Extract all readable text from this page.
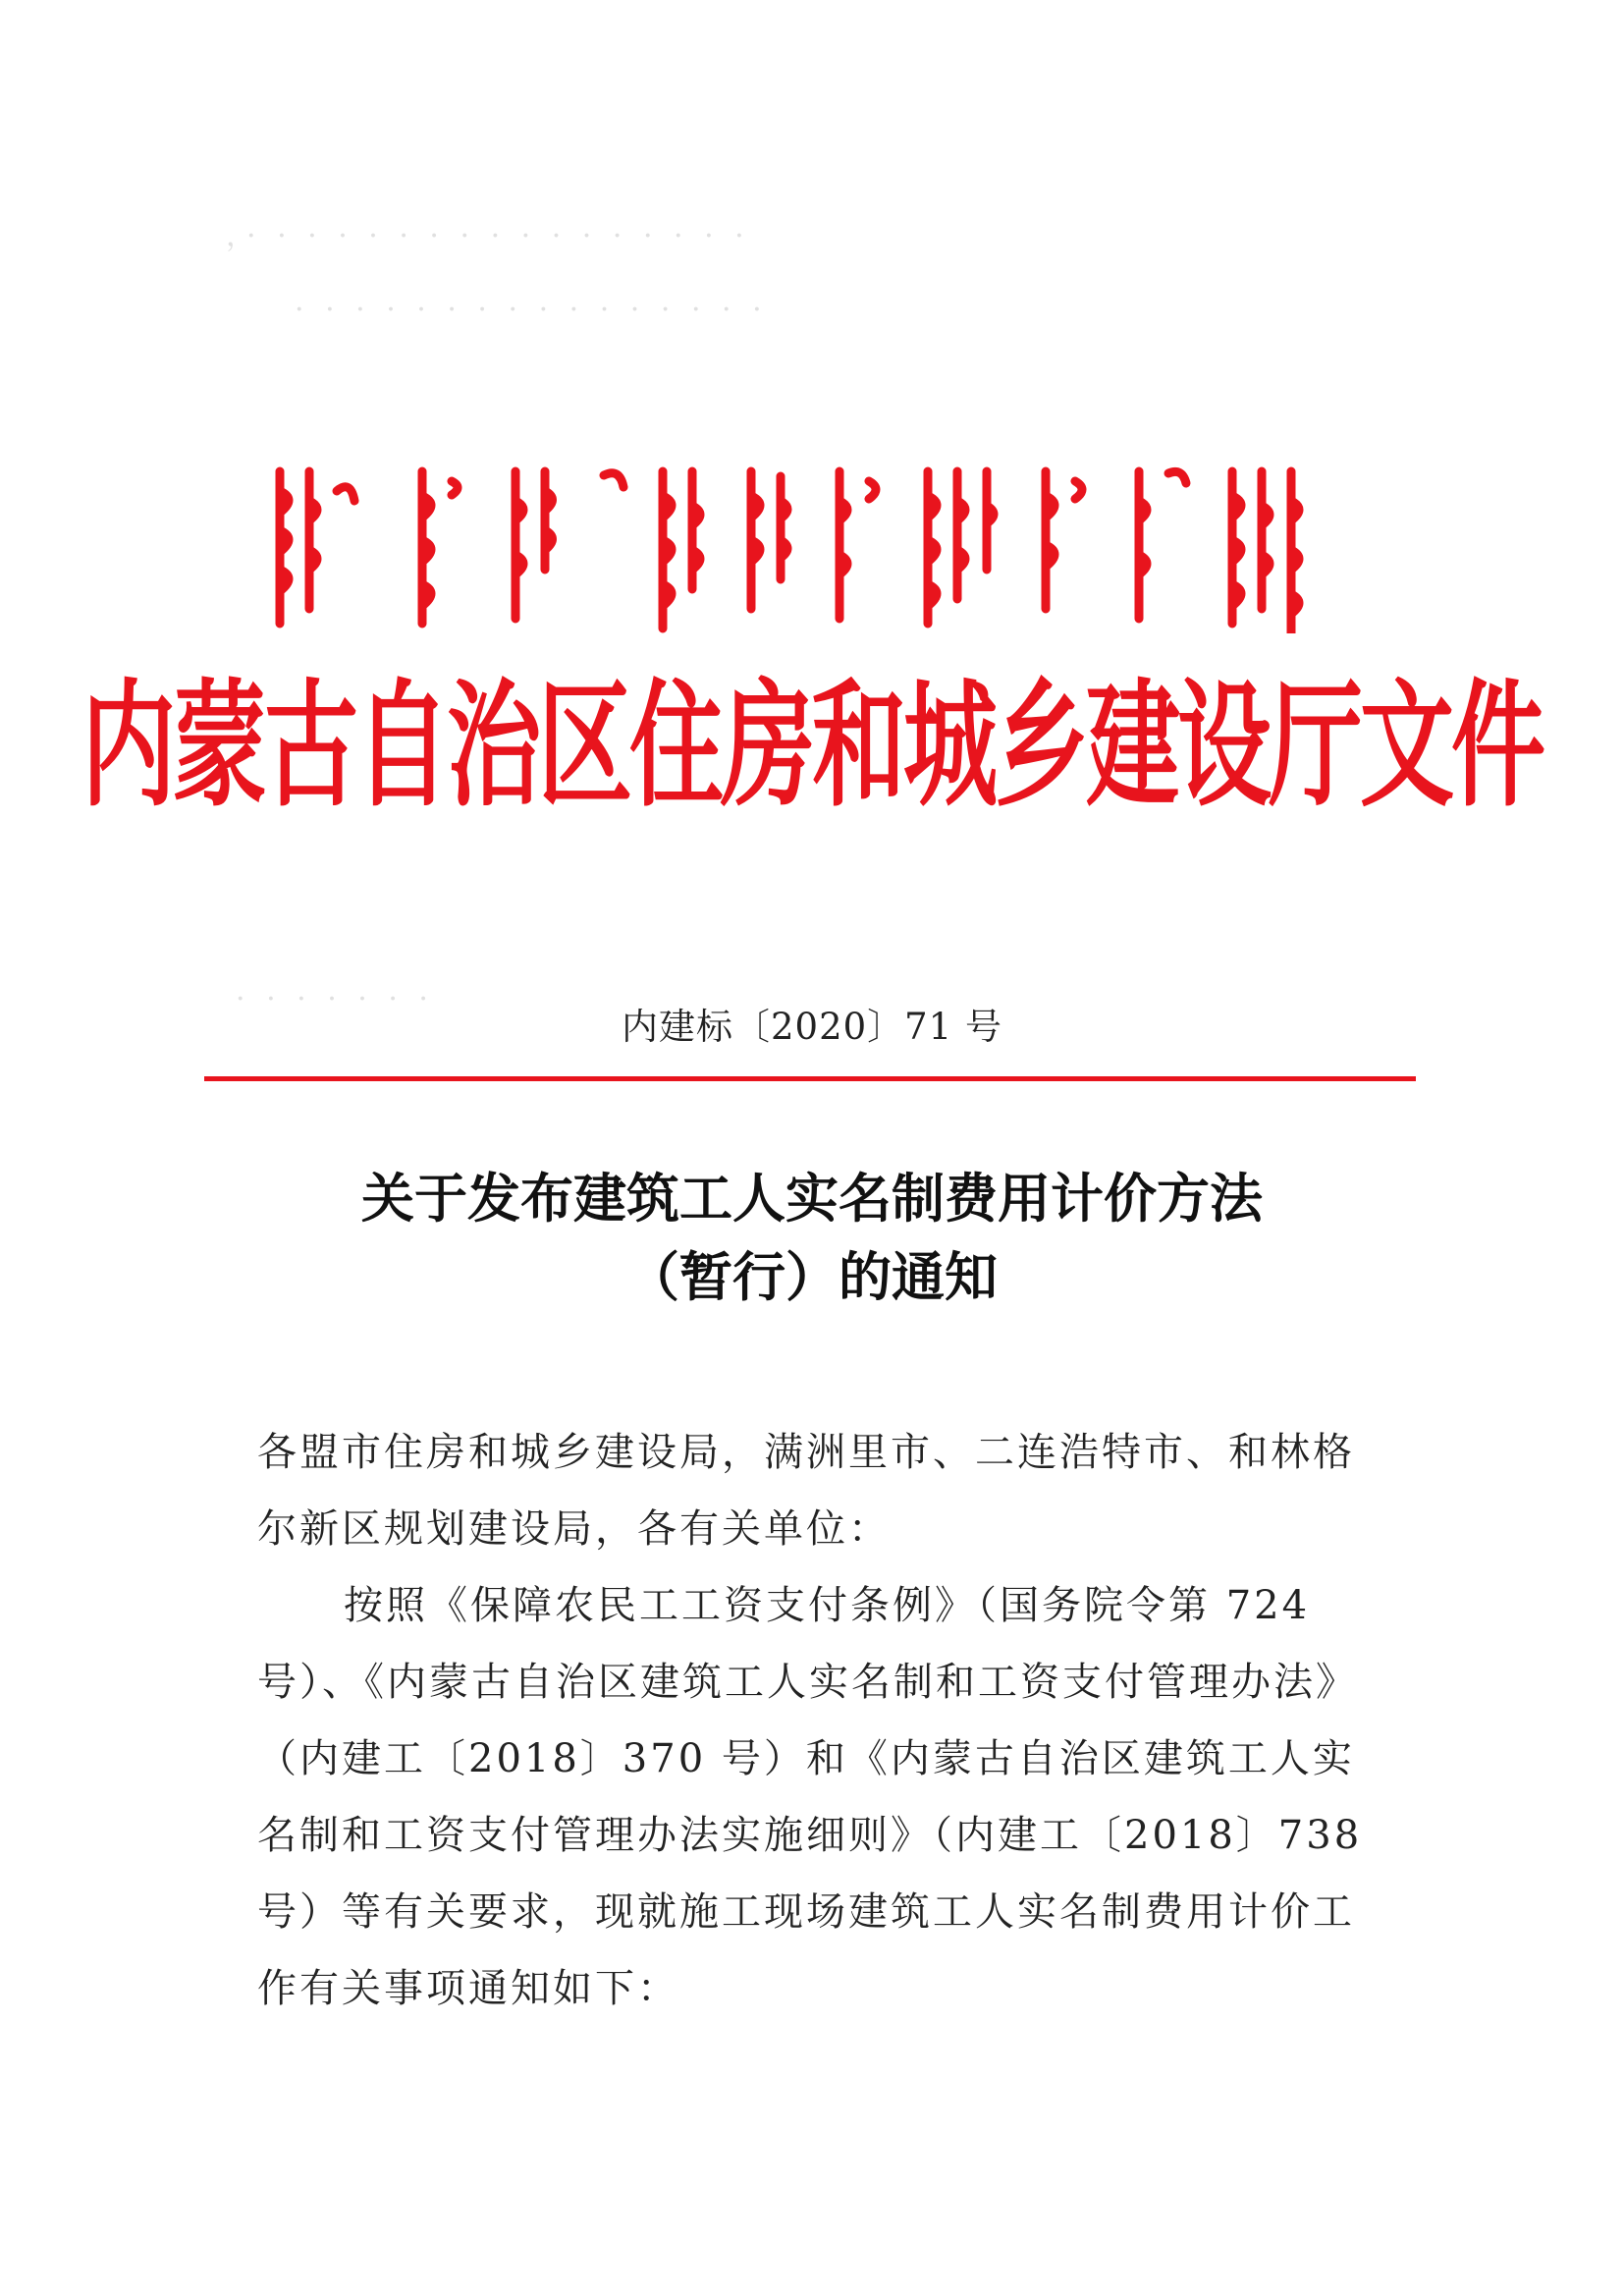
，· · · · · · · · · · · · · · · · ·
· · · · · · · · · · · · · · · ·
· · · · · · ·
内蒙古自治区住房和城乡建设厅文件
内建标〔2020〕71 号
关于发布建筑工人实名制费用计价方法
（暂行）的通知

各盟市住房和城乡建设局，满洲里市、二连浩特市、和林格尔新区规划建设局，各有关单位：

按照《保障农民工工资支付条例》（国务院令第 724 号）、《内蒙古自治区建筑工人实名制和工资支付管理办法》（内建工〔2018〕370 号）和《内蒙古自治区建筑工人实名制和工资支付管理办法实施细则》（内建工〔2018〕738 号）等有关要求，现就施工现场建筑工人实名制费用计价工作有关事项通知如下：
